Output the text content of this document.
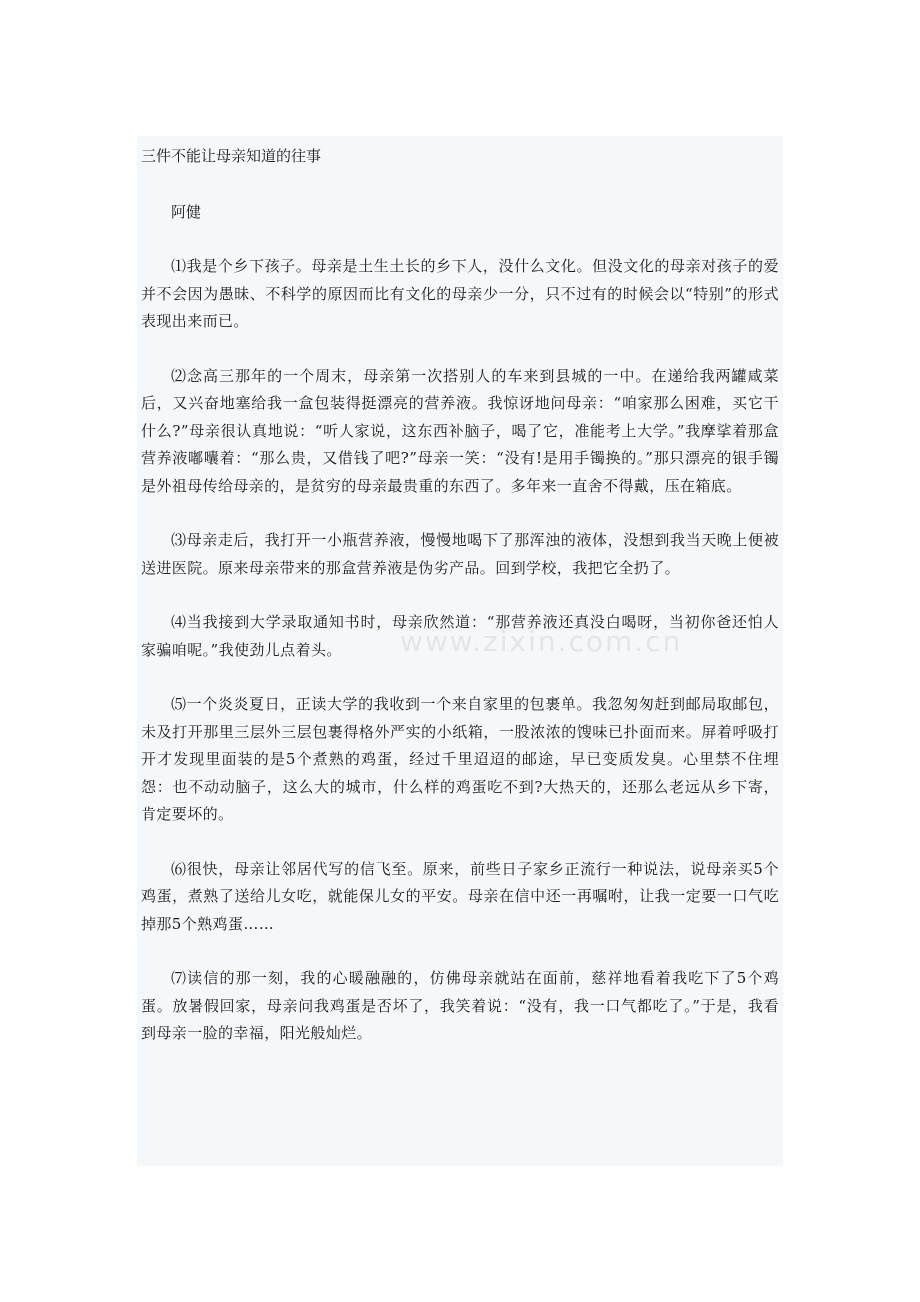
三件不能让母亲知道的往事
阿健

⑴我是个乡下孩子。母亲是土生土长的乡下人，没什么文化。但没文化的母亲对孩子的爱并不会因为愚昧、不科学的原因而比有文化的母亲少一分，只不过有的时候会以“特别”的形式表现出来而已。

⑵念高三那年的一个周末，母亲第一次搭别人的车来到县城的一中。在递给我两罐咸菜后，又兴奋地塞给我一盒包装得挺漂亮的营养液。我惊讶地问母亲：“咱家那么困难，买它干什么?”母亲很认真地说：“听人家说，这东西补脑子，喝了它，准能考上大学。”我摩挲着那盒营养液嘟囔着：“那么贵，又借钱了吧?”母亲一笑：“没有!是用手镯换的。”那只漂亮的银手镯是外祖母传给母亲的，是贫穷的母亲最贵重的东西了。多年来一直舍不得戴，压在箱底。

⑶母亲走后，我打开一小瓶营养液，慢慢地喝下了那浑浊的液体，没想到我当天晚上便被送进医院。原来母亲带来的那盒营养液是伪劣产品。回到学校，我把它全扔了。

⑷当我接到大学录取通知书时，母亲欣然道：“那营养液还真没白喝呀，当初你爸还怕人家骗咱呢。”我使劲儿点着头。

⑸一个炎炎夏日，正读大学的我收到一个来自家里的包裹单。我忽匆匆赶到邮局取邮包，未及打开那里三层外三层包裹得格外严实的小纸箱，一股浓浓的馊味已扑面而来。屏着呼吸打开才发现里面装的是5个煮熟的鸡蛋，经过千里迢迢的邮途，早已变质发臭。心里禁不住埋怨：也不动动脑子，这么大的城市，什么样的鸡蛋吃不到?大热天的，还那么老远从乡下寄，肯定要坏的。

⑹很快，母亲让邻居代写的信飞至。原来，前些日子家乡正流行一种说法，说母亲买5个鸡蛋，煮熟了送给儿女吃，就能保儿女的平安。母亲在信中还一再嘱咐，让我一定要一口气吃掉那5个熟鸡蛋……

⑺读信的那一刻，我的心暖融融的，仿佛母亲就站在面前，慈祥地看着我吃下了5个鸡蛋。放暑假回家，母亲问我鸡蛋是否坏了，我笑着说：“没有，我一口气都吃了。”于是，我看到母亲一脸的幸福，阳光般灿烂。
